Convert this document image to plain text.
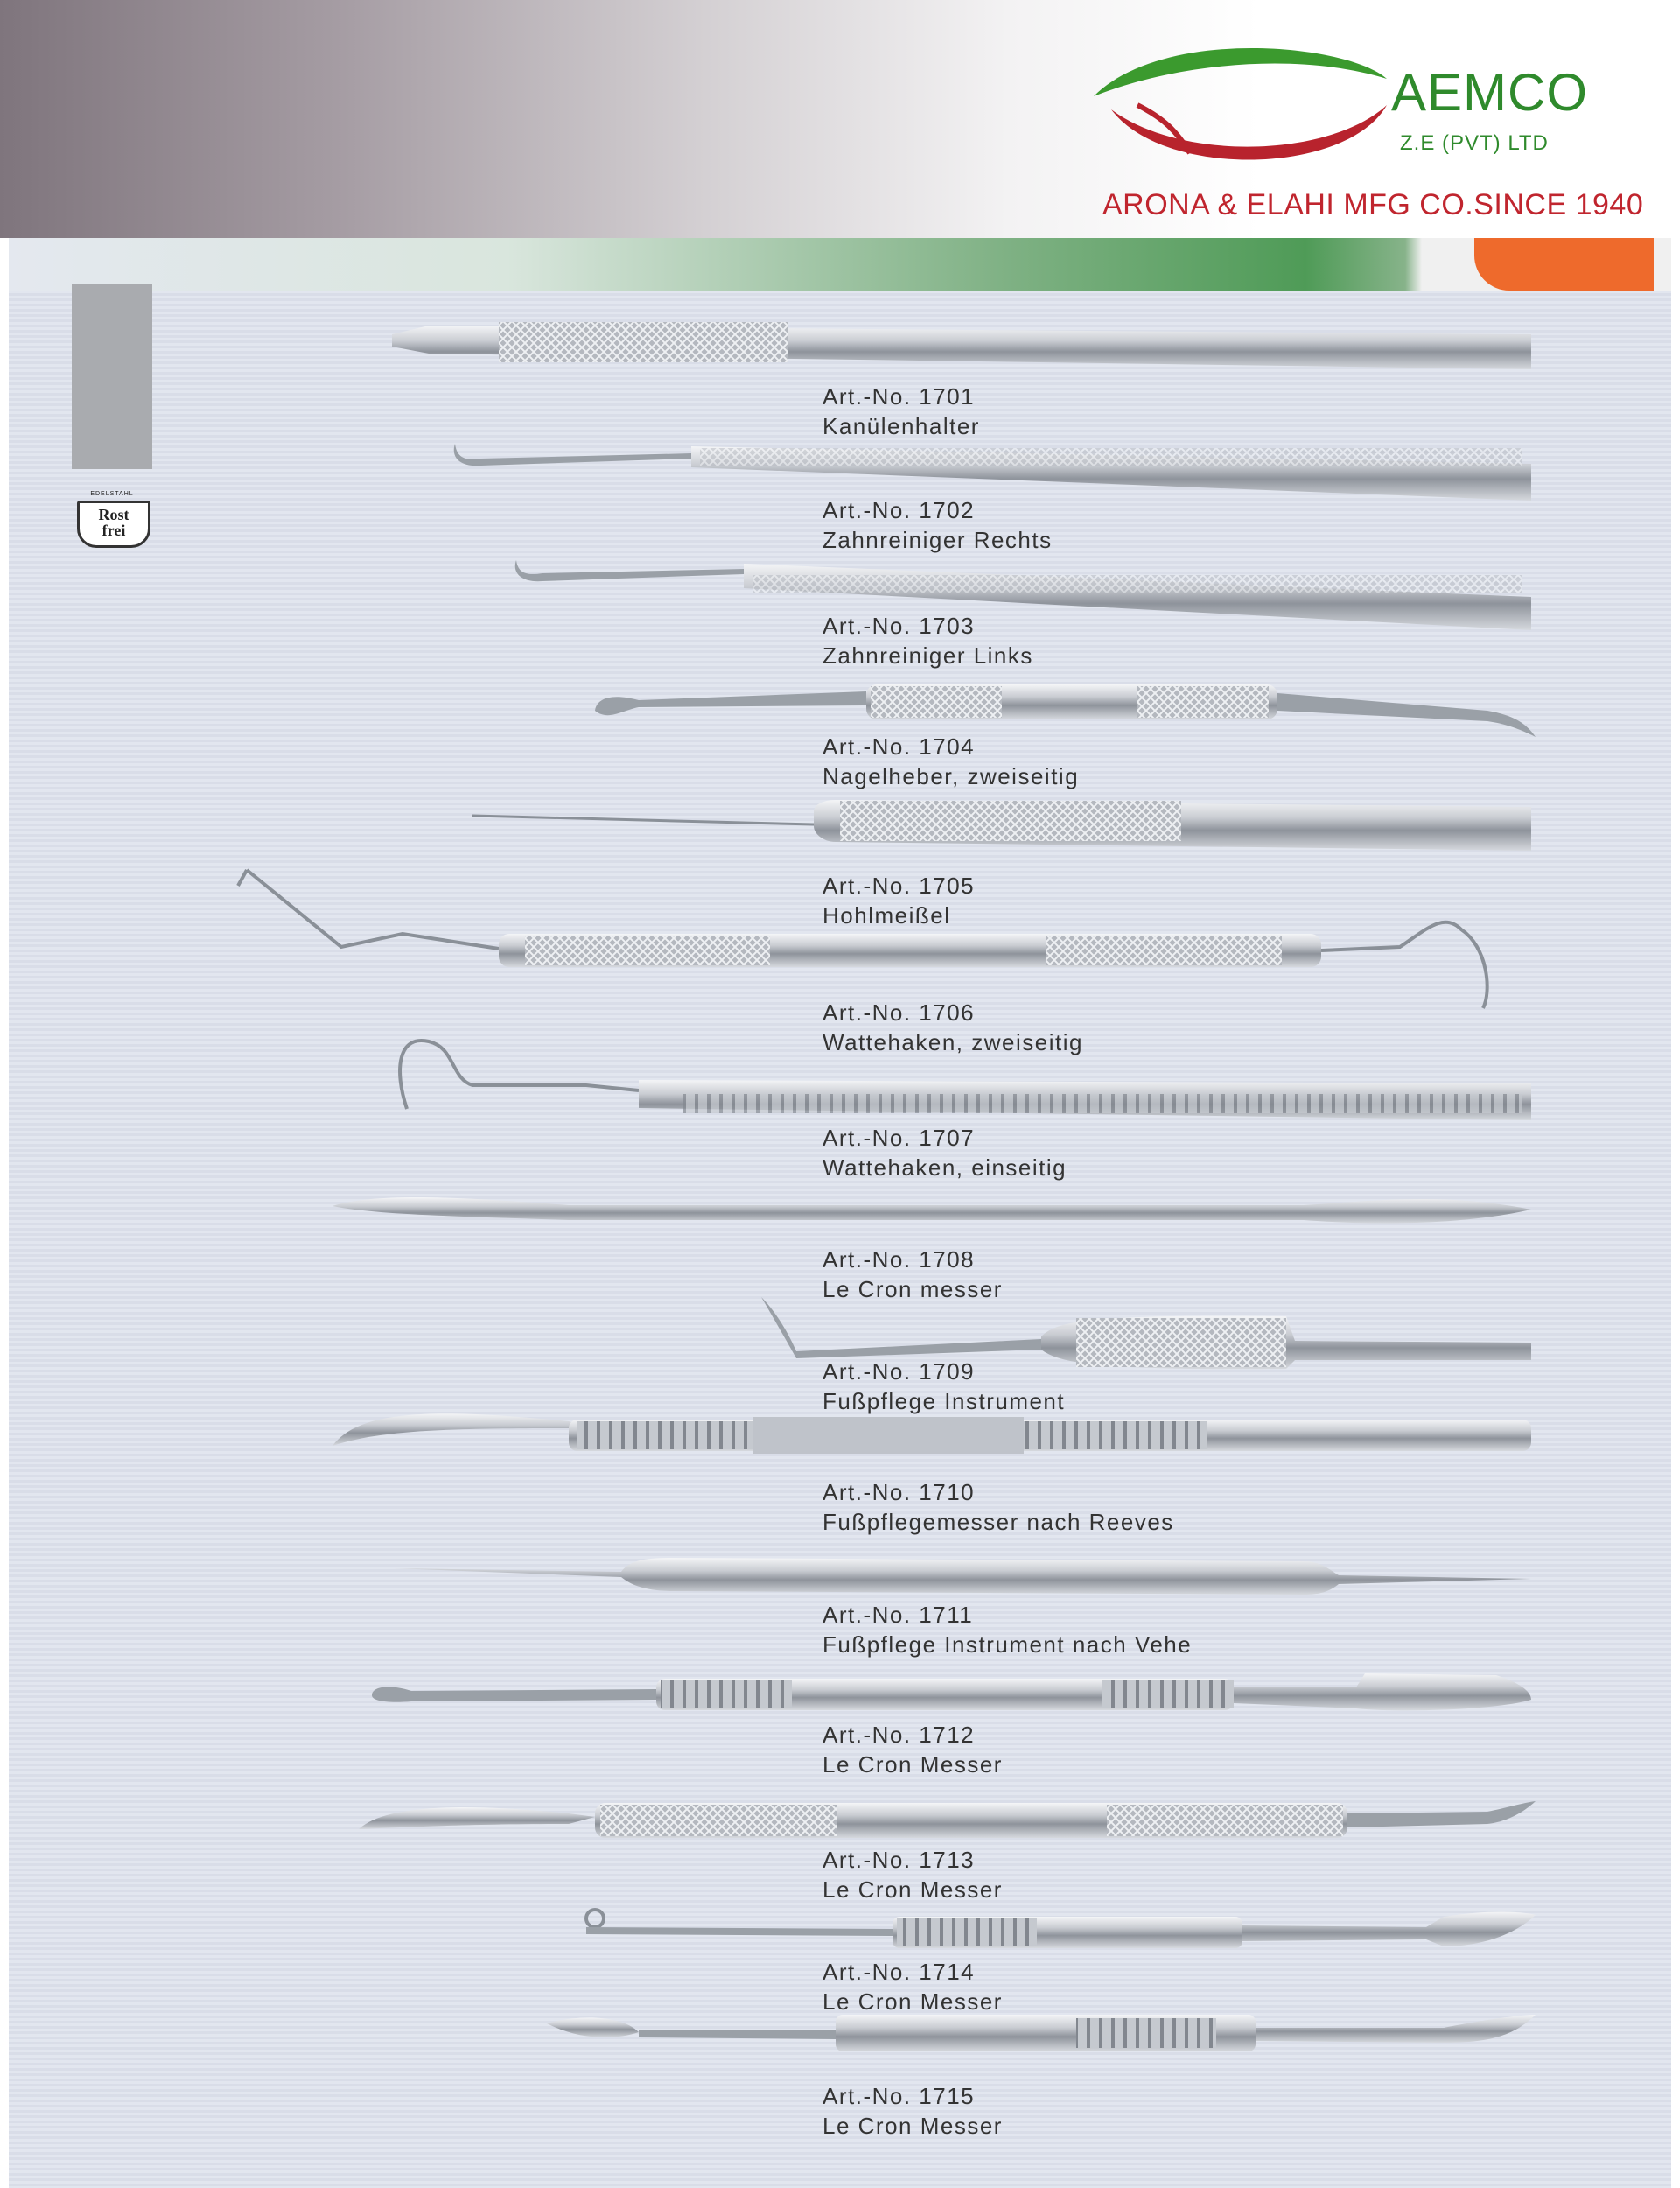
AEMCO

Z.E (PVT) LTD

ARONA & ELAHI MFG CO.SINCE 1940

EDELSTAHL
Rost
frei

Art.-No. 1701

Kanülenhalter

Art.-No. 1702

Zahnreiniger Rechts

Art.-No. 1703

Zahnreiniger Links

Art.-No. 1704

Nagelheber, zweiseitig

Art.-No. 1705

Hohlmeißel

Art.-No. 1706

Wattehaken, zweiseitig

Art.-No. 1707

Wattehaken, einseitig

Art.-No. 1708

Le Cron messer

Art.-No. 1709

Fußpflege Instrument

Art.-No. 1710

Fußpflegemesser nach Reeves

Art.-No. 1711

Fußpflege Instrument nach Vehe

Art.-No. 1712

Le Cron Messer

Art.-No. 1713

Le Cron Messer

Art.-No. 1714

Le Cron Messer

Art.-No. 1715

Le Cron Messer
